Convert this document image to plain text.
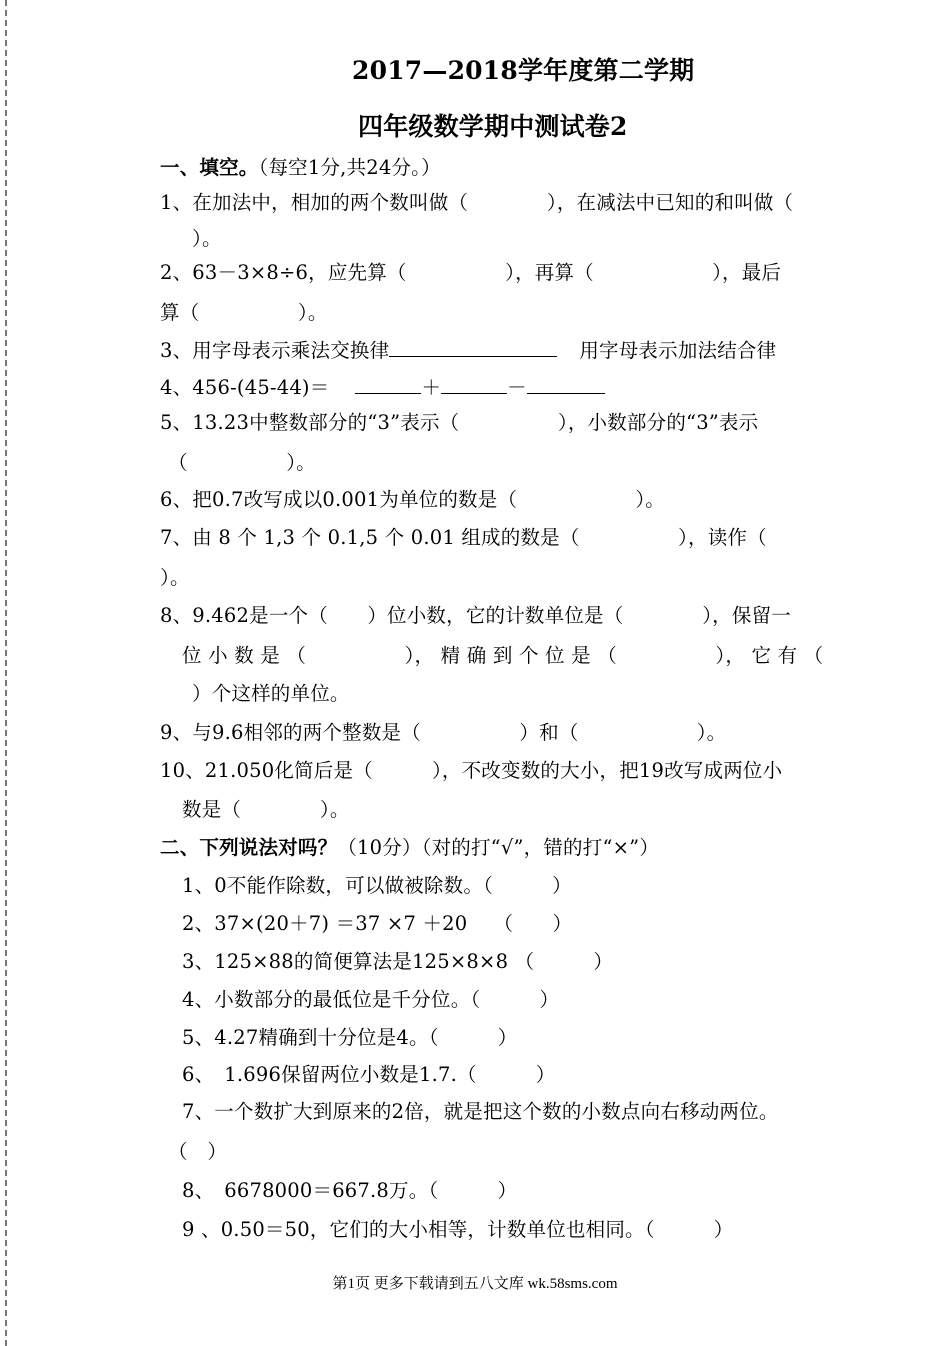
2017—2018学年度第二学期
四年级数学期中测试卷2
一、填空。（每空1分,共24分。）
1、在加法中，相加的两个数叫做（　　　　），在减法中已知的和叫做（
）。
2、63－3×8÷6，应先算（　　　　　），再算（　　　　　　），最后
算（　　　　　）。
3、用字母表示乘法交换律	用字母表示加法结合律
4、456-(45-44)＝	＋	－
5、13.23中整数部分的“3”表示（　　　　　），小数部分的“3”表示
（　　　　　）。
6、把0.7改写成以0.001为单位的数是（　　　　　　）。
7、由 8 个 1,3 个 0.1,5 个 0.01 组成的数是（　　　　　），读作（
）。
8、9.462是一个（　　）位小数，它的计数单位是（　　　　），保留一
位 小 数 是 （　　　　　）， 精 确 到 个 位 是 （　　　　　）， 它 有 （
）个这样的单位。
9、与9.6相邻的两个整数是（　　　　　）和（　　　　　　）。
10、21.050化简后是（　　　），不改变数的大小，把19改写成两位小
数是（　　　　）。
二、下列说法对吗？（10分）（对的打“√”，错的打“×”）
1、0不能作除数，可以做被除数。（　　　）
2、37×(20＋7) ＝37 ×7 ＋20　 （　　）
3、125×88的简便算法是125×8×8 （　　　）
4、小数部分的最低位是千分位。（　　　）
5、4.27精确到十分位是4。（　　　）
6、　1.696保留两位小数是1.7.（　　　）
7、一个数扩大到原来的2倍，就是把这个数的小数点向右移动两位。
（　）
8、　6678000＝667.8万。（　　　）
9 、0.50＝50，它们的大小相等，计数单位也相同。（　　　）
第1页 更多下载请到五八文库 wk.58sms.com
